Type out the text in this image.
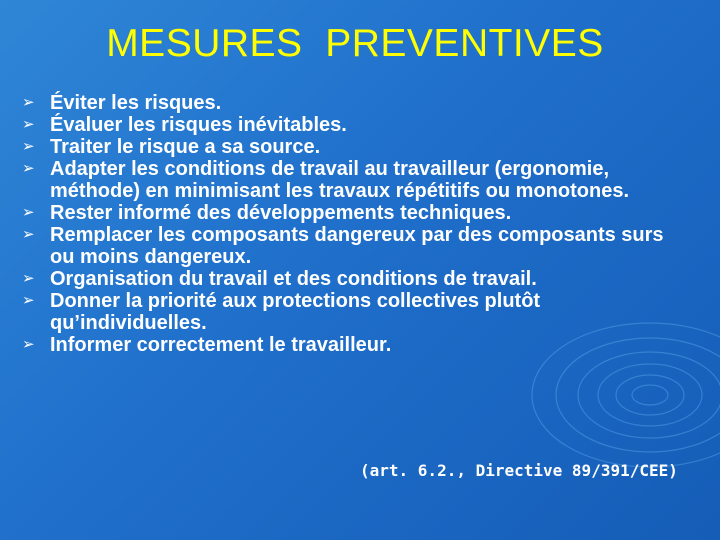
MESURES  PREVENTIVES
➢ Éviter les risques.
➢ Évaluer les risques inévitables.
➢ Traiter le risque a sa source.
➢ Adapter les conditions de travail au travailleur (ergonomie, méthode) en minimisant les travaux répétitifs ou monotones.
➢ Rester informé des développements techniques.
➢ Remplacer les composants dangereux par des composants surs ou moins dangereux.
➢ Organisation du travail et des conditions de travail.
➢ Donner la priorité aux protections collectives plutôt qu’individuelles.
➢ Informer correctement le travailleur.
(art. 6.2., Directive 89/391/CEE)
